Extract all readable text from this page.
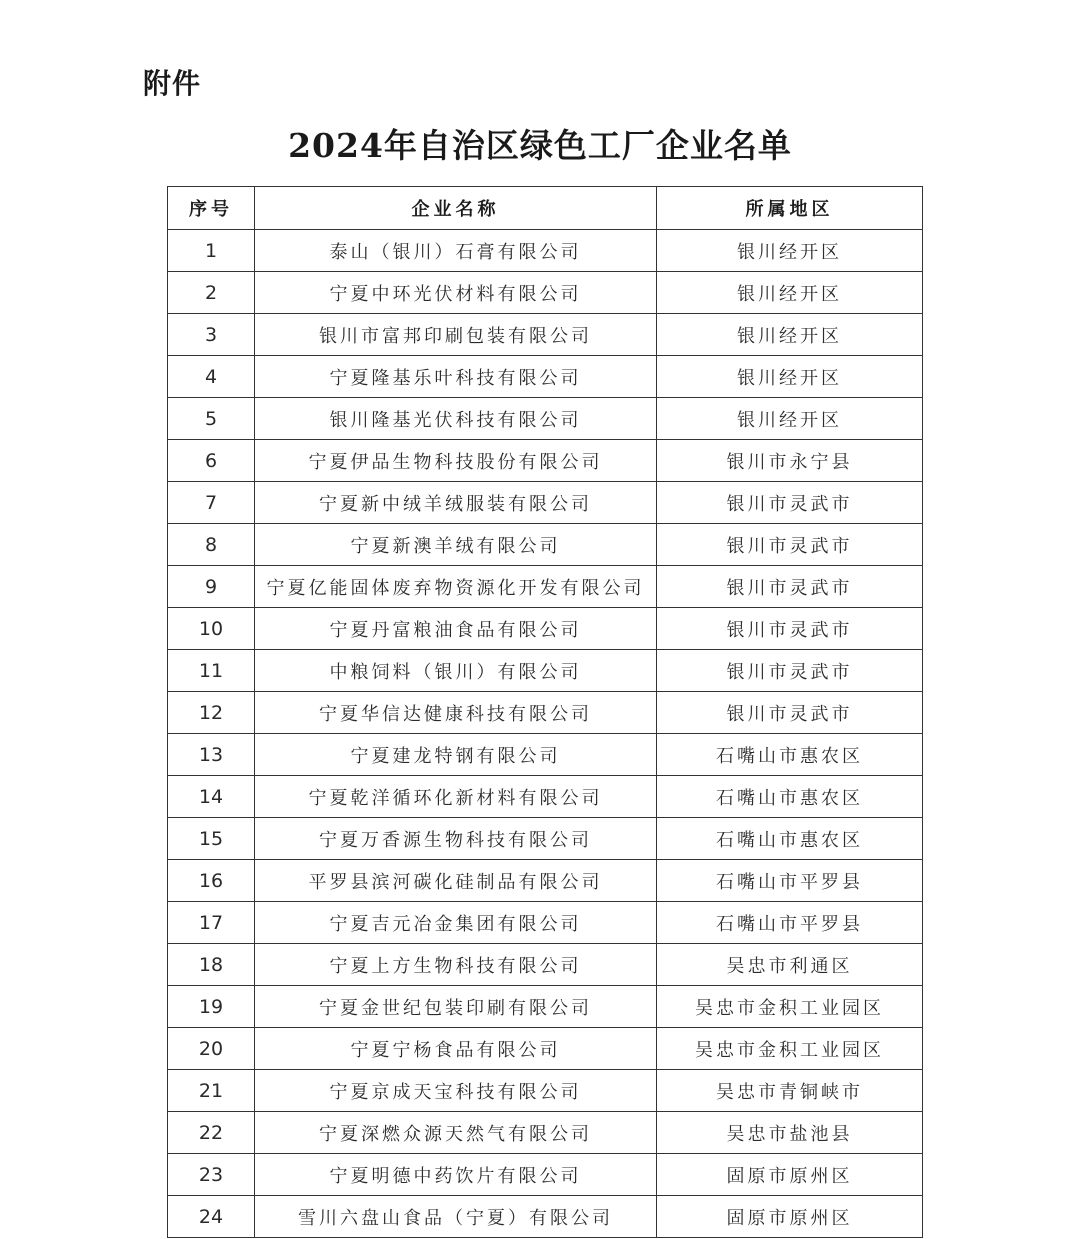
附件
2024年自治区绿色工厂企业名单
序号	企业名称	所属地区
1	泰山（银川）石膏有限公司	银川经开区
2	宁夏中环光伏材料有限公司	银川经开区
3	银川市富邦印刷包装有限公司	银川经开区
4	宁夏隆基乐叶科技有限公司	银川经开区
5	银川隆基光伏科技有限公司	银川经开区
6	宁夏伊品生物科技股份有限公司	银川市永宁县
7	宁夏新中绒羊绒服装有限公司	银川市灵武市
8	宁夏新澳羊绒有限公司	银川市灵武市
9	宁夏亿能固体废弃物资源化开发有限公司	银川市灵武市
10	宁夏丹富粮油食品有限公司	银川市灵武市
11	中粮饲料（银川）有限公司	银川市灵武市
12	宁夏华信达健康科技有限公司	银川市灵武市
13	宁夏建龙特钢有限公司	石嘴山市惠农区
14	宁夏乾洋循环化新材料有限公司	石嘴山市惠农区
15	宁夏万香源生物科技有限公司	石嘴山市惠农区
16	平罗县滨河碳化硅制品有限公司	石嘴山市平罗县
17	宁夏吉元冶金集团有限公司	石嘴山市平罗县
18	宁夏上方生物科技有限公司	吴忠市利通区
19	宁夏金世纪包装印刷有限公司	吴忠市金积工业园区
20	宁夏宁杨食品有限公司	吴忠市金积工业园区
21	宁夏京成天宝科技有限公司	吴忠市青铜峡市
22	宁夏深燃众源天然气有限公司	吴忠市盐池县
23	宁夏明德中药饮片有限公司	固原市原州区
24	雪川六盘山食品（宁夏）有限公司	固原市原州区
